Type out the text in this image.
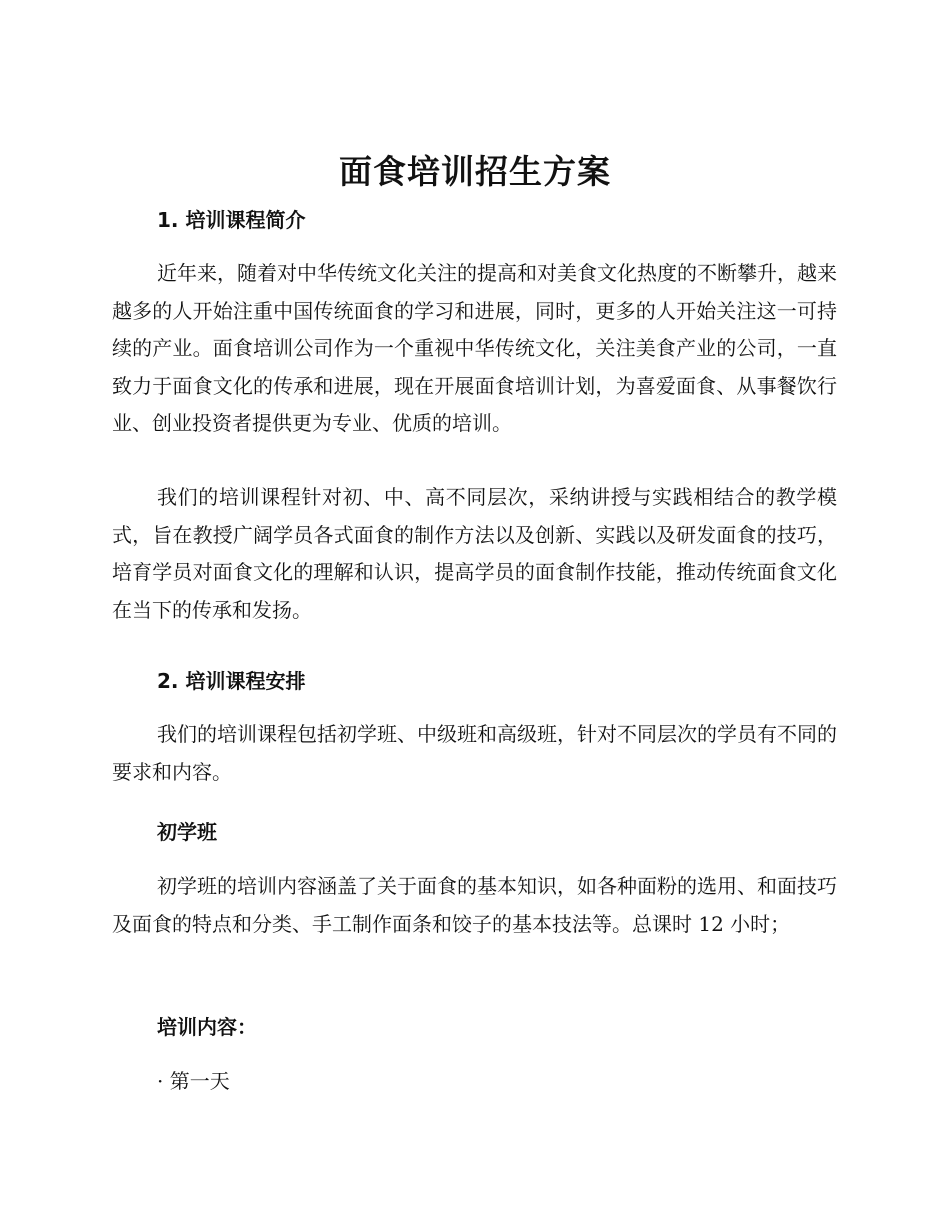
面食培训招生方案

1. 培训课程简介

近年来，随着对中华传统文化关注的提高和对美食文化热度的不断攀升，越来越多的人开始注重中国传统面食的学习和进展，同时，更多的人开始关注这一可持续的产业。面食培训公司作为一个重视中华传统文化，关注美食产业的公司，一直致力于面食文化的传承和进展，现在开展面食培训计划，为喜爱面食、从事餐饮行业、创业投资者提供更为专业、优质的培训。

我们的培训课程针对初、中、高不同层次，采纳讲授与实践相结合的教学模式，旨在教授广阔学员各式面食的制作方法以及创新、实践以及研发面食的技巧，培育学员对面食文化的理解和认识，提高学员的面食制作技能，推动传统面食文化在当下的传承和发扬。

2. 培训课程安排

我们的培训课程包括初学班、中级班和高级班，针对不同层次的学员有不同的要求和内容。

初学班

初学班的培训内容涵盖了关于面食的基本知识，如各种面粉的选用、和面技巧及面食的特点和分类、手工制作面条和饺子的基本技法等。总课时 12 小时；

培训内容：

· 第一天
